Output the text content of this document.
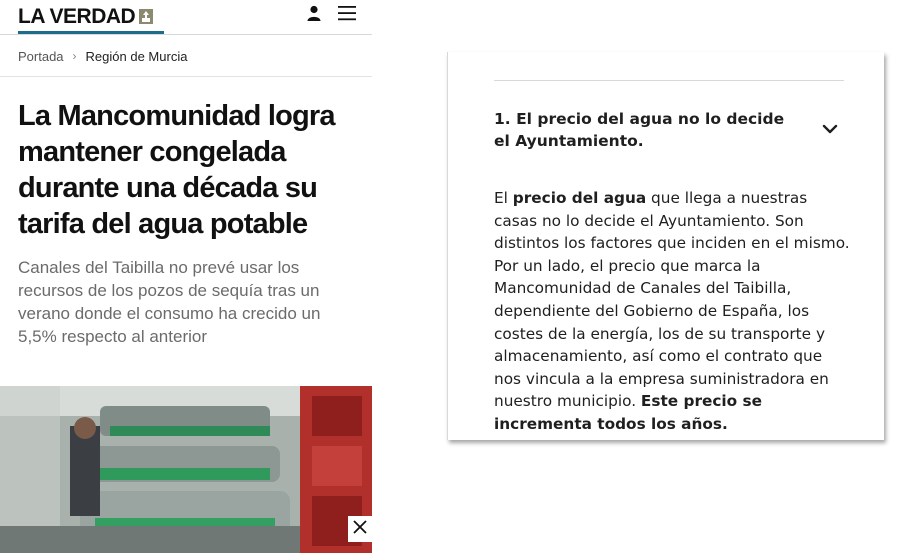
LA VERDAD
Portada › Región de Murcia
La Mancomunidad logra mantener congelada durante una década su tarifa del agua potable

Canales del Taibilla no prevé usar los recursos de los pozos de sequía tras un verano donde el consumo ha crecido un 5,5% respecto al anterior

1. El precio del agua no lo decide el Ayuntamiento.

El precio del agua que llega a nuestras casas no lo decide el Ayuntamiento. Son distintos los factores que inciden en el mismo. Por un lado, el precio que marca la Mancomunidad de Canales del Taibilla, dependiente del Gobierno de España, los costes de la energía, los de su transporte y almacenamiento, así como el contrato que nos vincula a la empresa suministradora en nuestro municipio. Este precio se incrementa todos los años.
